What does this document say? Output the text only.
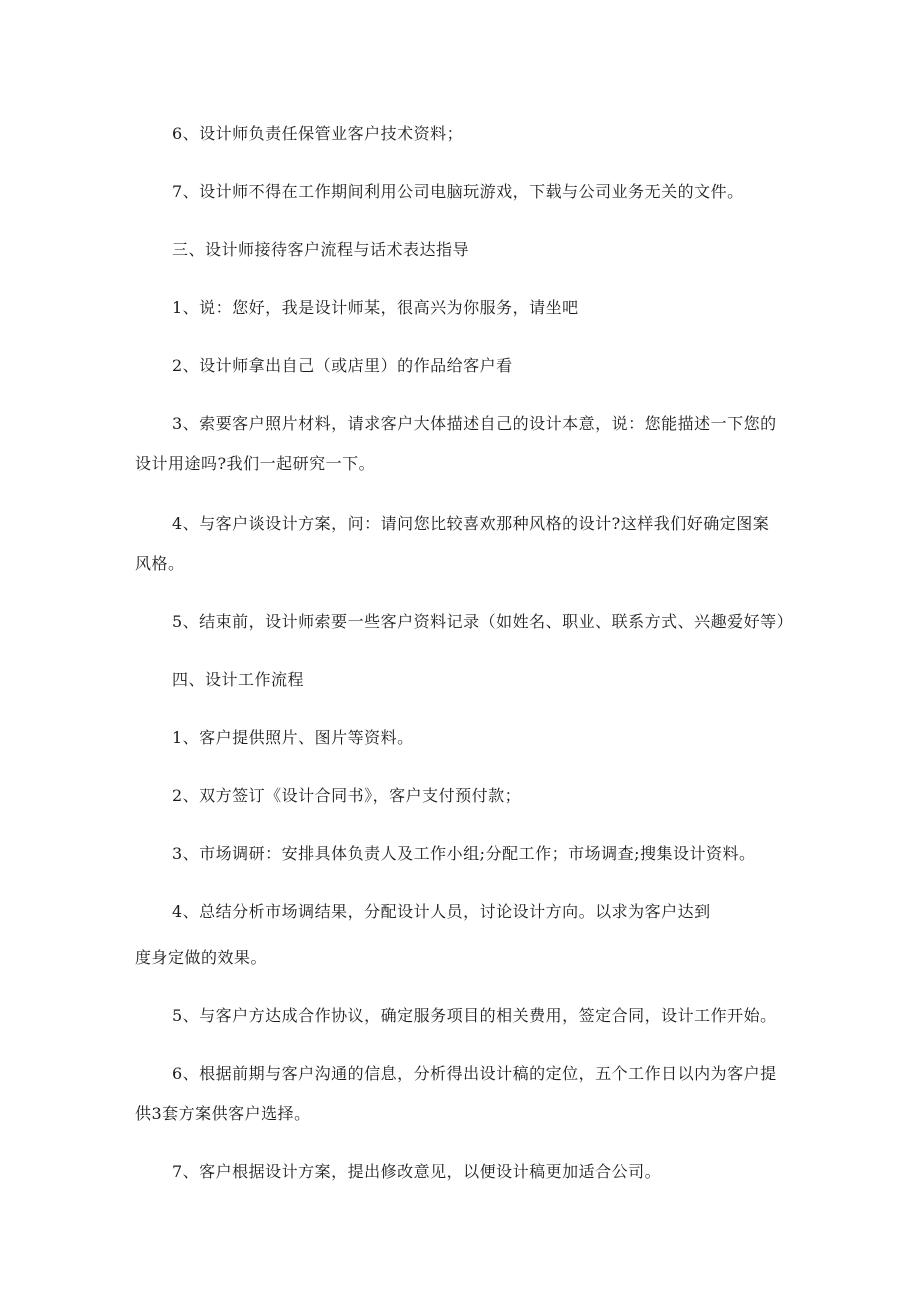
6、设计师负责任保管业客户技术资料；
7、设计师不得在工作期间利用公司电脑玩游戏，下载与公司业务无关的文件。
三、设计师接待客户流程与话术表达指导
1、说：您好，我是设计师某，很高兴为你服务，请坐吧
2、设计师拿出自己（或店里）的作品给客户看
3、索要客户照片材料，请求客户大体描述自己的设计本意，说：您能描述一下您的
设计用途吗?我们一起研究一下。
4、与客户谈设计方案，问：请问您比较喜欢那种风格的设计?这样我们好确定图案
风格。
5、结束前，设计师索要一些客户资料记录（如姓名、职业、联系方式、兴趣爱好等）
四、设计工作流程
1、客户提供照片、图片等资料。
2、双方签订《设计合同书》，客户支付预付款；
3、市场调研：安排具体负责人及工作小组;分配工作；市场调查;搜集设计资料。
4、总结分析市场调结果，分配设计人员，讨论设计方向。以求为客户达到
度身定做的效果。
5、与客户方达成合作协议，确定服务项目的相关费用，签定合同，设计工作开始。
6、根据前期与客户沟通的信息，分析得出设计稿的定位，五个工作日以内为客户提
供3套方案供客户选择。
7、客户根据设计方案，提出修改意见，以便设计稿更加适合公司。
